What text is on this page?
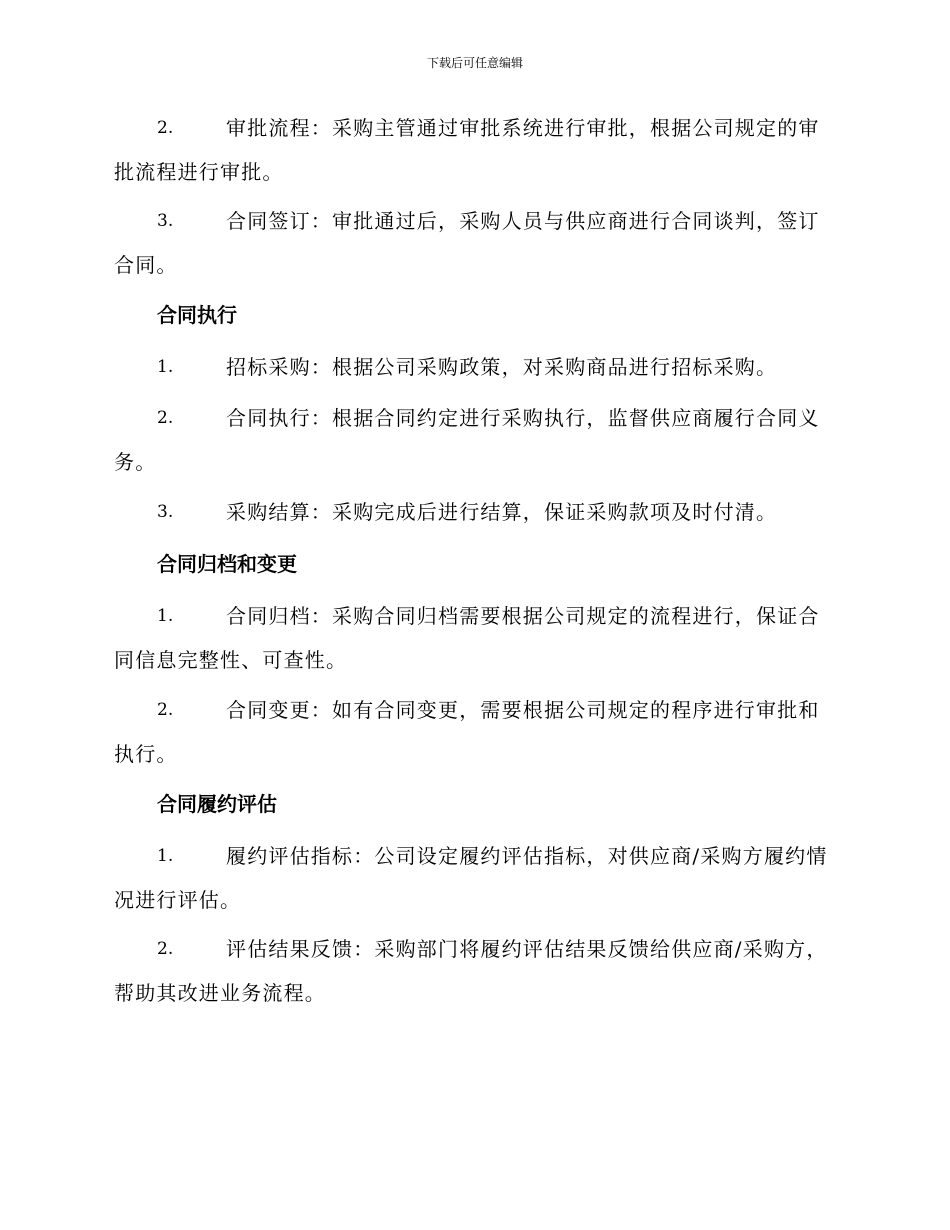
下载后可任意编辑
2.	审批流程：采购主管通过审批系统进行审批，根据公司规定的审批流程进行审批。
3.	合同签订：审批通过后，采购人员与供应商进行合同谈判，签订合同。
合同执行
1.	招标采购：根据公司采购政策，对采购商品进行招标采购。
2.	合同执行：根据合同约定进行采购执行，监督供应商履行合同义务。
3.	采购结算：采购完成后进行结算，保证采购款项及时付清。
合同归档和变更
1.	合同归档：采购合同归档需要根据公司规定的流程进行，保证合同信息完整性、可查性。
2.	合同变更：如有合同变更，需要根据公司规定的程序进行审批和执行。
合同履约评估
1.	履约评估指标：公司设定履约评估指标，对供应商/采购方履约情况进行评估。
2.	评估结果反馈：采购部门将履约评估结果反馈给供应商/采购方，帮助其改进业务流程。
